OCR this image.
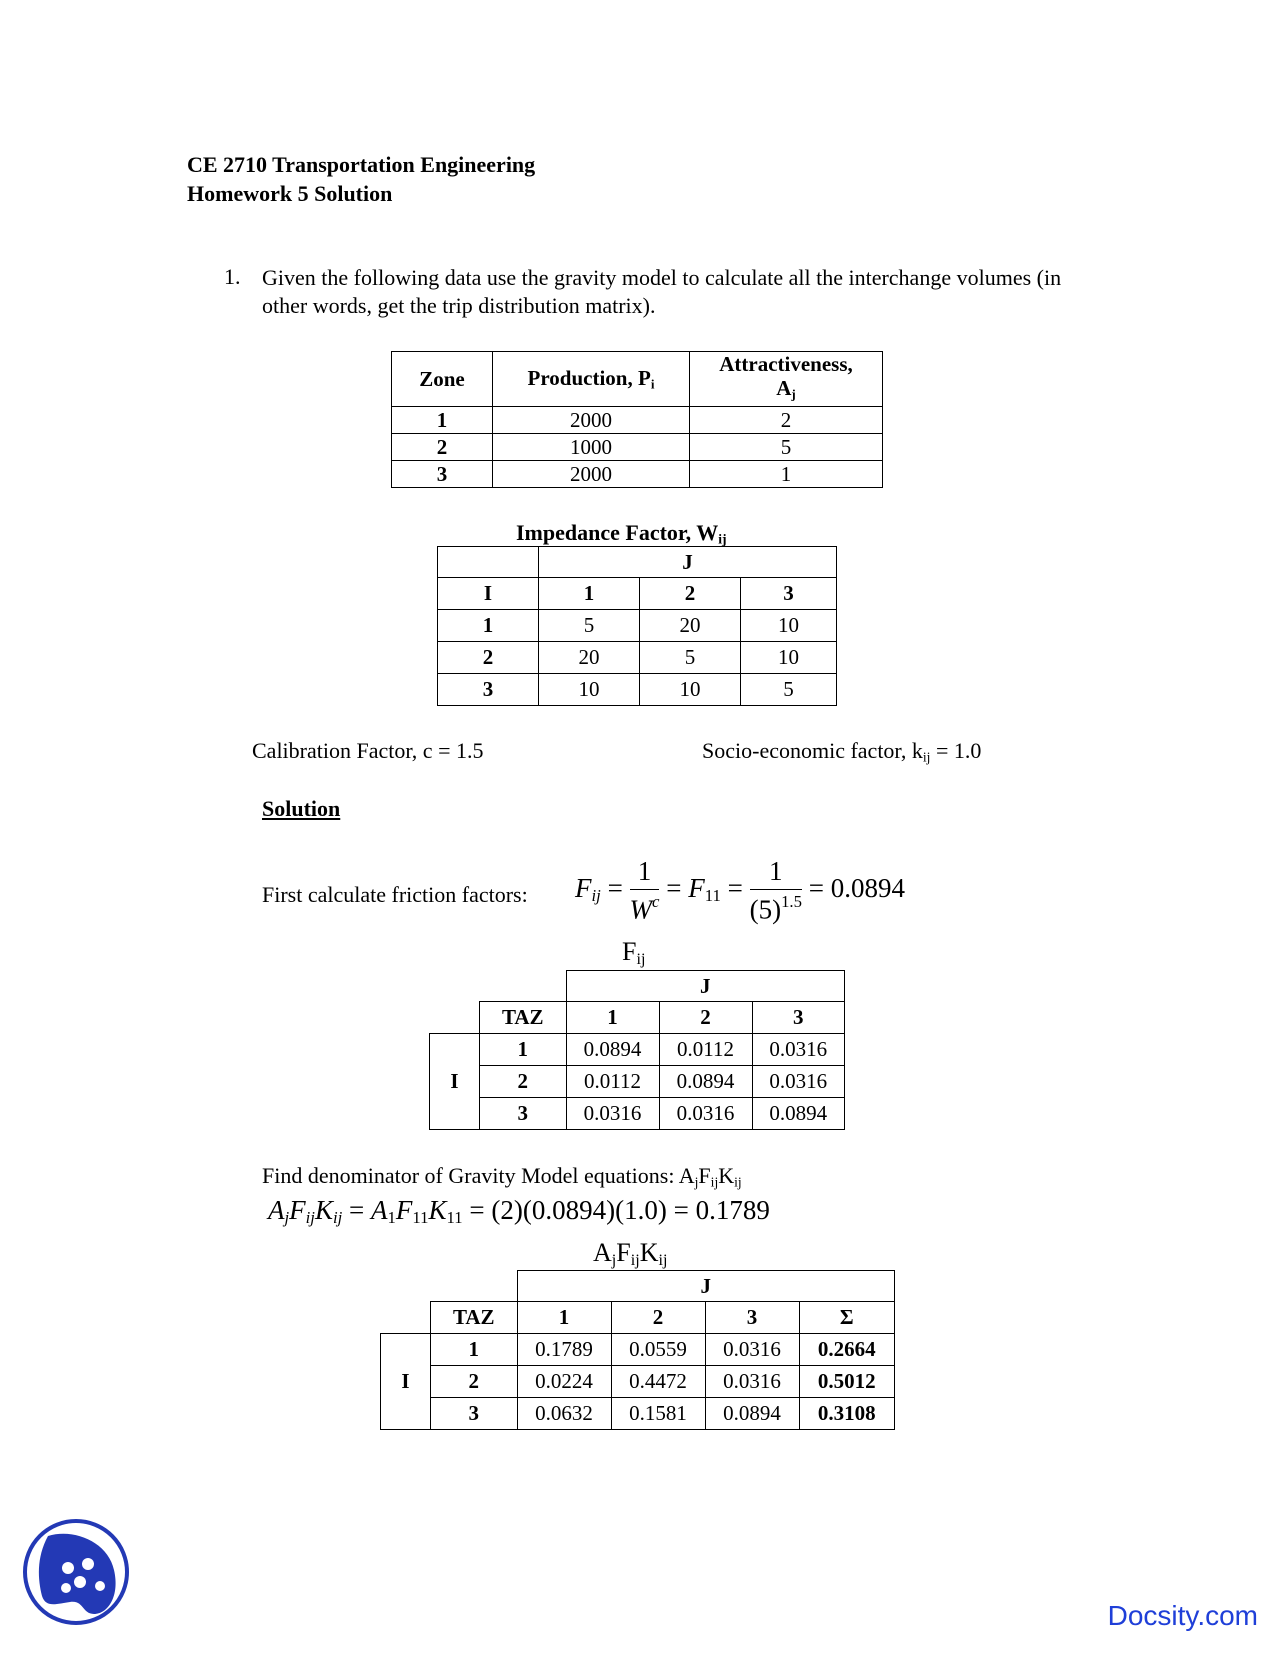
CE 2710 Transportation Engineering
Homework 5 Solution
1. Given the following data use the gravity model to calculate all the interchange volumes (in other words, get the trip distribution matrix).
Zone	Production, $P_i$	Attractiveness,
$A_j$
1	2000	2
2	1000	5
3	2000	1
Impedance Factor, $W_{ij}$
	J		
I	1	2	3
1	5	20	10
2	20	5	10
3	10	10	5
Calibration Factor, c = 1.5	Socio-economic factor, $k_{ij} = 1.0$
Solution
First calculate friction factors: $F_{ij} = \frac{1}{W^c} = F_{11} = \frac{1}{(5)^{1.5}} = 0.0894$
$F_{ij}$
		J		
	TAZ	1	2	3
I	1	0.0894	0.0112	0.0316
	2	0.0112	0.0894	0.0316
	3	0.0316	0.0316	0.0894
Find denominator of Gravity Model equations: $A_jF_{ij}K_{ij}$
$A_jF_{ij}K_{ij} = A_1F_{11}K_{11} = (2)(0.0894)(1.0) = 0.1789$
$A_jF_{ij}K_{ij}$
		J			
	TAZ	1	2	3	Σ
I	1	0.1789	0.0559	0.0316	0.2664
	2	0.0224	0.4472	0.0316	0.5012
	3	0.0632	0.1581	0.0894	0.3108
Docsity.com
